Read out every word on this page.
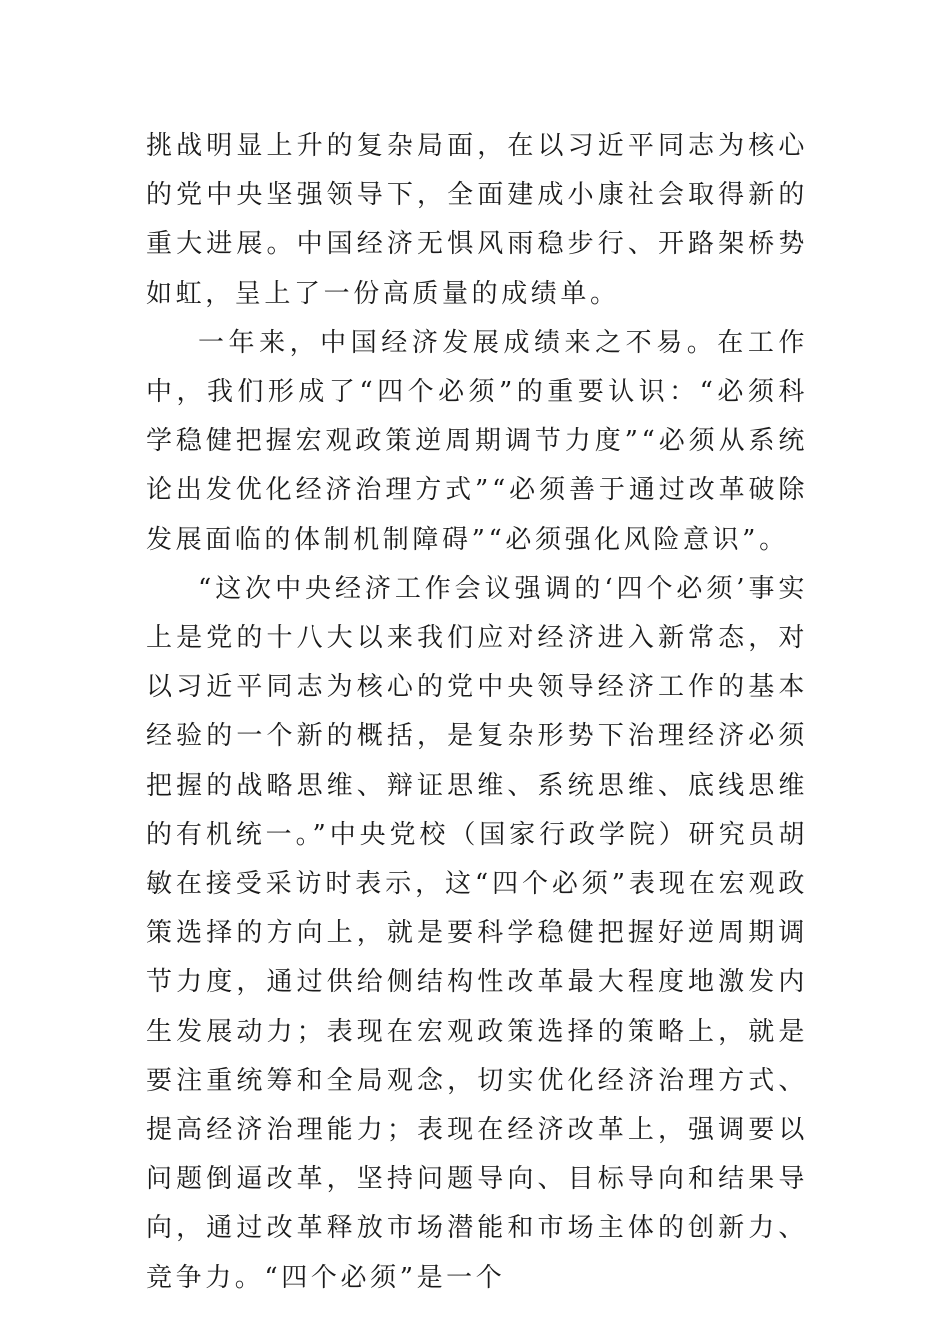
挑战明显上升的复杂局面，在以习近平同志为核心的党中央坚强领导下，全面建成小康社会取得新的重大进展。中国经济无惧风雨稳步行、开路架桥势如虹，呈上了一份高质量的成绩单。

一年来，中国经济发展成绩来之不易。在工作中，我们形成了“四个必须”的重要认识：“必须科学稳健把握宏观政策逆周期调节力度”“必须从系统论出发优化经济治理方式”“必须善于通过改革破除发展面临的体制机制障碍”“必须强化风险意识”。

“这次中央经济工作会议强调的‘四个必须’事实上是党的十八大以来我们应对经济进入新常态，对以习近平同志为核心的党中央领导经济工作的基本经验的一个新的概括，是复杂形势下治理经济必须把握的战略思维、辩证思维、系统思维、底线思维的有机统一。”中央党校（国家行政学院）研究员胡敏在接受采访时表示，这“四个必须”表现在宏观政策选择的方向上，就是要科学稳健把握好逆周期调节力度，通过供给侧结构性改革最大程度地激发内生发展动力；表现在宏观政策选择的策略上，就是要注重统筹和全局观念，切实优化经济治理方式、提高经济治理能力；表现在经济改革上，强调要以问题倒逼改革，坚持问题导向、目标导向和结果导向，通过改革释放市场潜能和市场主体的创新力、竞争力。“四个必须”是一个
